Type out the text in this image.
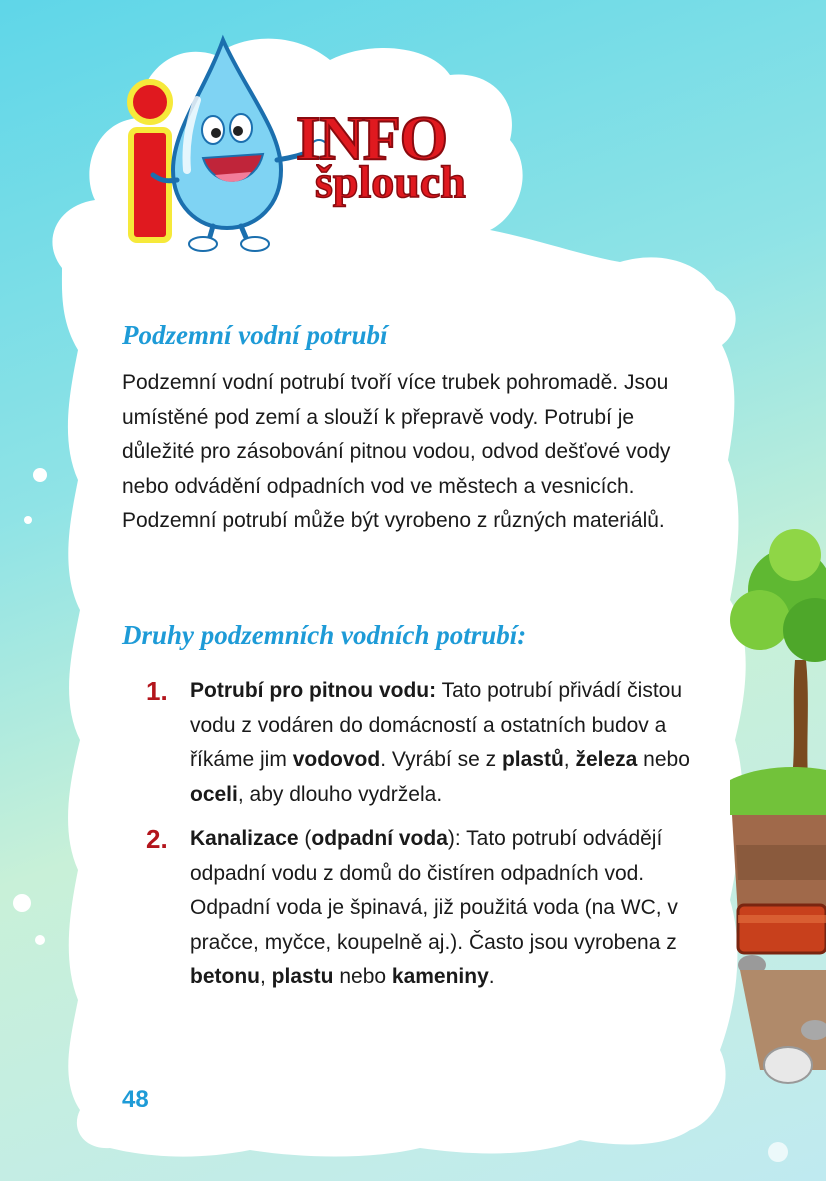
INFO
šplouch
Podzemní vodní potrubí
Podzemní vodní potrubí tvoří více trubek pohromadě. Jsou umístěné pod zemí a slouží k přepravě vody. Potrubí je důležité pro zásobování pitnou vodou, odvod dešťové vody nebo odvádění odpadních vod ve městech a vesnicích. Podzemní potrubí může být vyrobeno z různých materiálů.
Druhy podzemních vodních potrubí:
1. Potrubí pro pitnou vodu: Tato potrubí přivádí čistou vodu z vodáren do domácností a ostatních budov a říkáme jim vodovod. Vyrábí se z plastů, železa nebo oceli, aby dlouho vydržela.
2. Kanalizace (odpadní voda): Tato potrubí odvádějí odpadní vodu z domů do čistíren odpadních vod. Odpadní voda je špinavá, již použitá voda (na WC, v pračce, myčce, koupelně aj.). Často jsou vyrobena z betonu, plastu nebo kameniny.
48
